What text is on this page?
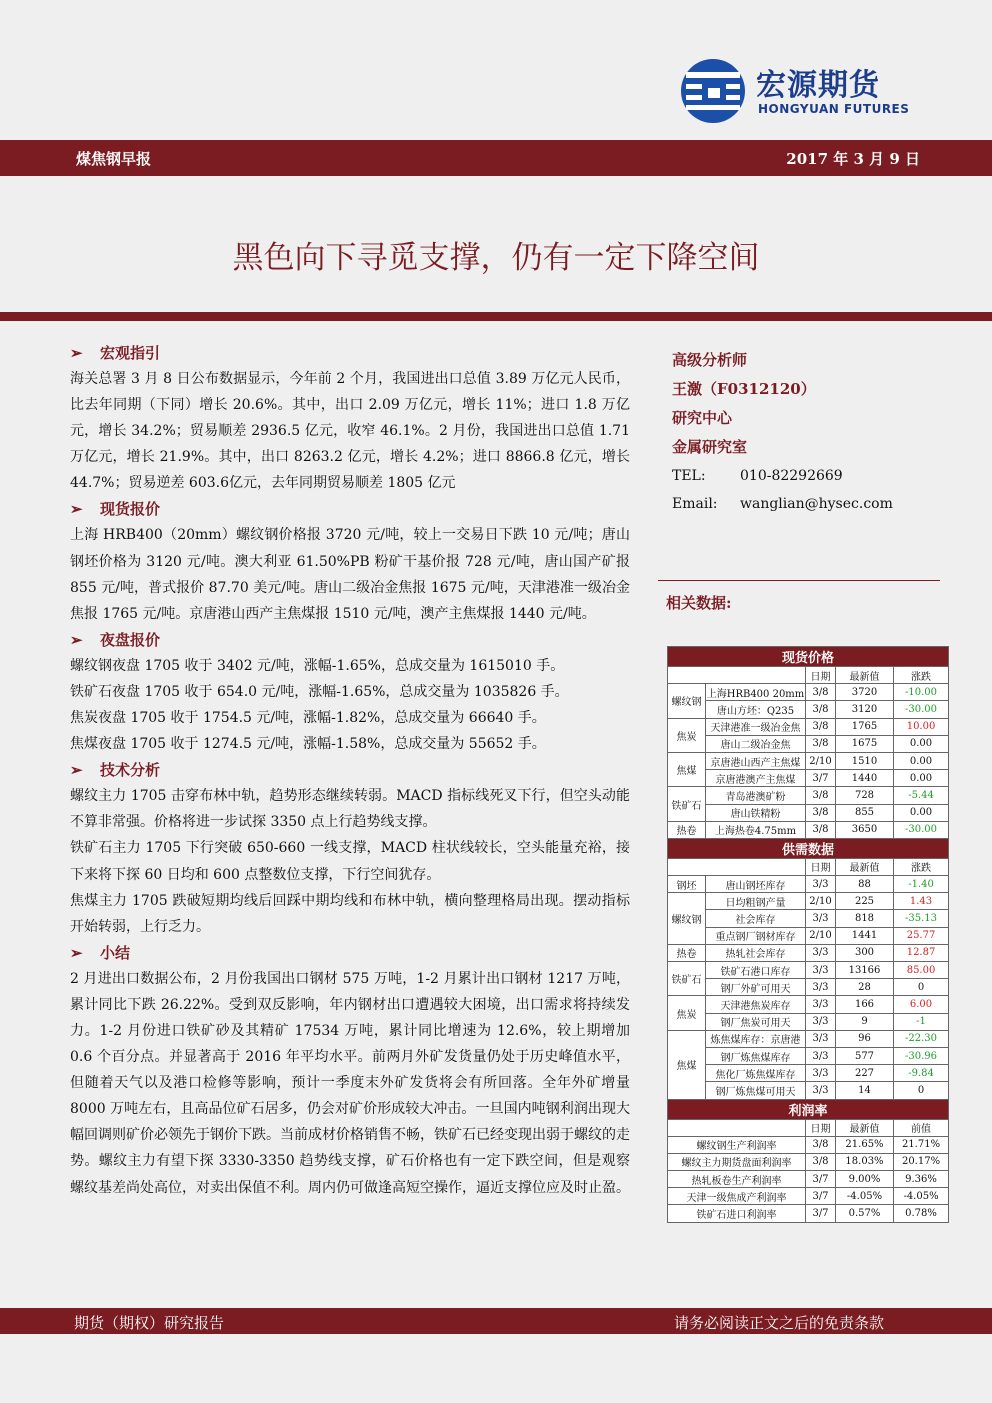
宏源期货
HONGYUAN FUTURES
煤焦钢早报	2017 年 3 月 9 日
黑色向下寻觅支撑，仍有一定下降空间
➢ 宏观指引

海关总署 3 月 8 日公布数据显示，今年前 2 个月，我国进出口总值 3.89 万亿元人民币，比去年同期（下同）增长 20.6%。其中，出口 2.09 万亿元，增长 11%；进口 1.8 万亿元，增长 34.2%；贸易顺差 2936.5 亿元，收窄 46.1%。2 月份，我国进出口总值 1.71 万亿元，增长 21.9%。其中，出口 8263.2 亿元，增长 4.2%；进口 8866.8 亿元，增长 44.7%；贸易逆差 603.6亿元，去年同期贸易顺差 1805 亿元

➢ 现货报价

上海 HRB400（20mm）螺纹钢价格报 3720 元/吨，较上一交易日下跌 10 元/吨；唐山钢坯价格为 3120 元/吨。澳大利亚 61.50%PB 粉矿干基价报 728 元/吨，唐山国产矿报 855 元/吨，普式报价 87.70 美元/吨。唐山二级冶金焦报 1675 元/吨，天津港准一级冶金焦报 1765 元/吨。京唐港山西产主焦煤报 1510 元/吨，澳产主焦煤报 1440 元/吨。

➢ 夜盘报价

螺纹钢夜盘 1705 收于 3402 元/吨，涨幅-1.65%，总成交量为 1615010 手。
铁矿石夜盘 1705 收于 654.0 元/吨，涨幅-1.65%，总成交量为 1035826 手。
焦炭夜盘 1705 收于 1754.5 元/吨，涨幅-1.82%，总成交量为 66640 手。
焦煤夜盘 1705 收于 1274.5 元/吨，涨幅-1.58%，总成交量为 55652 手。

➢ 技术分析

螺纹主力 1705 击穿布林中轨，趋势形态继续转弱。MACD 指标线死叉下行，但空头动能不算非常强。价格将进一步试探 3350 点上行趋势线支撑。
铁矿石主力 1705 下行突破 650-660 一线支撑，MACD 柱状线较长，空头能量充裕，接下来将下探 60 日均和 600 点整数位支撑，下行空间犹存。
焦煤主力 1705 跌破短期均线后回踩中期均线和布林中轨，横向整理格局出现。摆动指标开始转弱，上行乏力。

➢ 小结

2 月进出口数据公布，2 月份我国出口钢材 575 万吨，1-2 月累计出口钢材 1217 万吨，累计同比下跌 26.22%。受到双反影响，年内钢材出口遭遇较大困境，出口需求将持续发力。1-2 月份进口铁矿砂及其精矿 17534 万吨，累计同比增速为 12.6%，较上期增加 0.6 个百分点。并显著高于 2016 年平均水平。前两月外矿发货量仍处于历史峰值水平，但随着天气以及港口检修等影响，预计一季度末外矿发货将会有所回落。全年外矿增量 8000 万吨左右，且高品位矿石居多，仍会对矿价形成较大冲击。一旦国内吨钢利润出现大幅回调则矿价必领先于钢价下跌。当前成材价格销售不畅，铁矿石已经变现出弱于螺纹的走势。螺纹主力有望下探 3330-3350 趋势线支撑，矿石价格也有一定下跌空间，但是观察螺纹基差尚处高位，对卖出保值不利。周内仍可做逢高短空操作，逼近支撑位应及时止盈。

高级分析师
王激（F0312120）
研究中心
金属研究室
TEL: 010-82292669
Email: wanglian@hysec.com
相关数据:
现货价格				
		日期	最新值	涨跌
螺纹钢	上海HRB400 20mm	3/8	3720	-10.00
	唐山方坯：Q235	3/8	3120	-30.00
焦炭	天津港准一级冶金焦	3/8	1765	10.00
	唐山二级冶金焦	3/8	1675	0.00
焦煤	京唐港山西产主焦煤	2/10	1510	0.00
	京唐港澳产主焦煤	3/7	1440	0.00
铁矿石	青岛港澳矿粉	3/8	728	-5.44
	唐山铁精粉	3/8	855	0.00
热卷	上海热卷4.75mm	3/8	3650	-30.00
供需数据				
		日期	最新值	涨跌
钢坯	唐山钢坯库存	3/3	88	-1.40
螺纹钢	日均粗钢产量	2/10	225	1.43
	社会库存	3/3	818	-35.13
	重点钢厂钢材库存	2/10	1441	25.77
热卷	热轧社会库存	3/3	300	12.87
铁矿石	铁矿石港口库存	3/3	13166	85.00
	钢厂外矿可用天	3/3	28	0
焦炭	天津港焦炭库存	3/3	166	6.00
	钢厂焦炭可用天	3/3	9	-1
焦煤	炼焦煤库存：京唐港	3/3	96	-22.30
	钢厂炼焦煤库存	3/3	577	-30.96
	焦化厂炼焦煤库存	3/3	227	-9.84
	钢厂炼焦煤可用天	3/3	14	0
利润率				
		日期	最新值	前值
螺纹钢生产利润率		3/8	21.65%	21.71%
螺纹主力期货盘面利润率		3/8	18.03%	20.17%
热轧板卷生产利润率		3/7	9.00%	9.36%
天津一级焦成产利润率		3/7	-4.05%	-4.05%
铁矿石进口利润率		3/7	0.57%	0.78%
期货（期权）研究报告	请务必阅读正文之后的免责条款
